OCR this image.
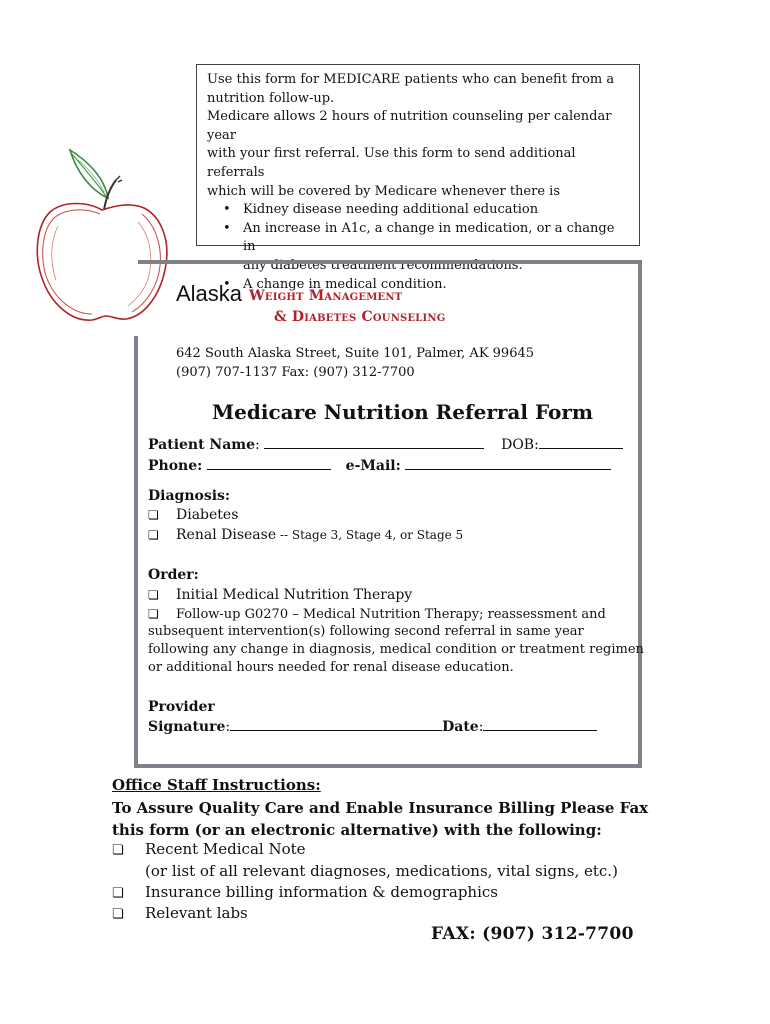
Use this form for MEDICARE patients who can benefit from a
nutrition follow-up.
Medicare allows 2 hours of nutrition counseling per calendar year
with your first referral. Use this form to send additional referrals
which will be covered by Medicare whenever there is
• Kidney disease needing additional education
• An increase in A1c, a change in medication, or a change in
any diabetes treatment recommendations.
• A change in medical condition.
Alaska Weight Management
& Diabetes Counseling
642 South Alaska Street, Suite 101, Palmer, AK 99645
(907) 707-1137 Fax: (907) 312-7700
Medicare Nutrition Referral Form
Patient Name:	DOB:
Phone:	e-Mail:
Diagnosis:
❏ Diabetes
❏ Renal Disease -- Stage 3, Stage 4, or Stage 5
Order:
❏ Initial Medical Nutrition Therapy
❏ Follow-up G0270 – Medical Nutrition Therapy; reassessment and
subsequent intervention(s) following second referral in same year
following any change in diagnosis, medical condition or treatment regimen
or additional hours needed for renal disease education.
Provider
Signature:	Date:
Office Staff Instructions:
To Assure Quality Care and Enable Insurance Billing Please Fax
this form (or an electronic alternative) with the following:
❏ Recent Medical Note
(or list of all relevant diagnoses, medications, vital signs, etc.)
❏ Insurance billing information & demographics
❏ Relevant labs
FAX: (907) 312-7700
